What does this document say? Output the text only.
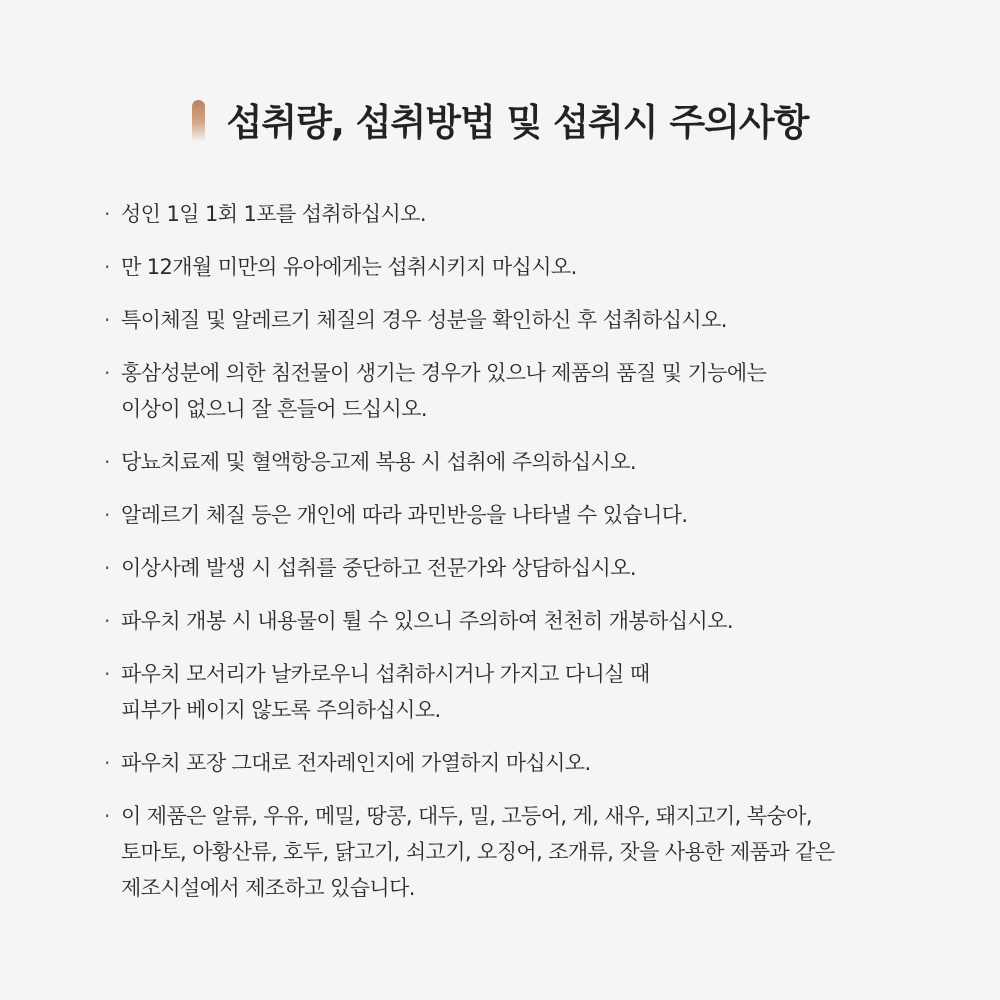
섭취량, 섭취방법 및 섭취시 주의사항
· 성인 1일 1회 1포를 섭취하십시오.
· 만 12개월 미만의 유아에게는 섭취시키지 마십시오.
· 특이체질 및 알레르기 체질의 경우 성분을 확인하신 후 섭취하십시오.
· 홍삼성분에 의한 침전물이 생기는 경우가 있으나 제품의 품질 및 기능에는
이상이 없으니 잘 흔들어 드십시오.
· 당뇨치료제 및 혈액항응고제 복용 시 섭취에 주의하십시오.
· 알레르기 체질 등은 개인에 따라 과민반응을 나타낼 수 있습니다.
· 이상사례 발생 시 섭취를 중단하고 전문가와 상담하십시오.
· 파우치 개봉 시 내용물이 튈 수 있으니 주의하여 천천히 개봉하십시오.
· 파우치 모서리가 날카로우니 섭취하시거나 가지고 다니실 때
피부가 베이지 않도록 주의하십시오.
· 파우치 포장 그대로 전자레인지에 가열하지 마십시오.
· 이 제품은 알류, 우유, 메밀, 땅콩, 대두, 밀, 고등어, 게, 새우, 돼지고기, 복숭아,
토마토, 아황산류, 호두, 닭고기, 쇠고기, 오징어, 조개류, 잣을 사용한 제품과 같은
제조시설에서 제조하고 있습니다.
